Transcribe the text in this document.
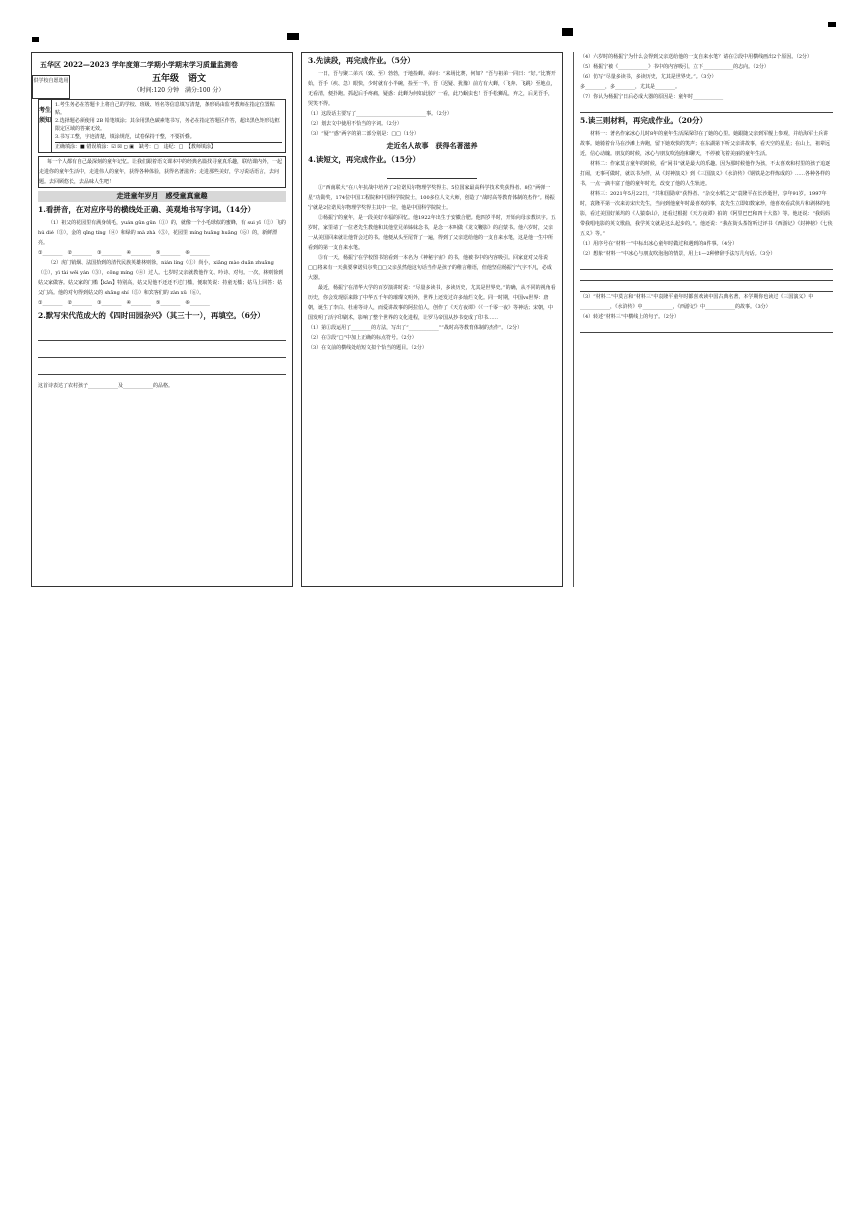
五华区 2022—2023 学年度第二学期小学期末学习质量监测卷
供学校自愿选用	五年级　语文
（时间:120 分钟　满分:100 分）
考生须知
1.考生务必在答题卡上将自己的学校、班级、姓名等信息填写清楚，条形码由监考教师在指定位置粘贴。
2.选择题必须使用 2B 铅笔填涂；其余用黑色碳素笔书写，务必在指定答题区作答，超出黑色矩形边框限定区域的答案无效。
3.书写工整，字迹清楚，填涂规范，试卷保持干整，不要折叠。
正确填涂：■ 错误填涂：☑ ☒ ◻ ▣　缺考：□　违纪：□　【教师填涂】
每一个人都有自己最深刻的童年记忆。让我们跟着语文课本中的经典名篇找寻童真乐趣，联结课内外，一起走进你的童年生活中，走进伟人的童年，获得各种体验，获得名著滋养；走进那些美好，学习说话语言，去问题。去回顾悠长，去品味人生吧！
走进童年岁月　感受童真童趣
1.看拼音，在对应序号的横线处正确、美观地书写字词。（14分）
（1）祖父的花园里有满身绒毛，yuán gǔn gǔn（①）的，就像一个小毛球似的蜜蜂，有 sui yī（②）飞的 hú dié（③），金的 qīng tíng（④）和绿的 mà zhà（⑤），花园里 míng huāng huāng（⑥）的，新鲜漂亮。
①________　②________　③________　④________　⑤________　⑥________
（2）虎门销烟、法国拾到的清代民族英雄林则徐，nián líng（①）尚小，xiāng mào duān zhuāng（②），yì tài wēi yán（③），cōng míng（④）过人。七岁时父亲就教他作文、吟诗、对句。一次，林则徐到姑父家做客。姑父家的门槛【kǎn】特别高，姑父见他不还还不过门槛，便取笑说：持童无槛；姑马上回答：姑父门高。他的对句得到姑父的 shǎng shí（⑤）和宾客们的 zàn xǔ（⑥）。
①________　②________　③________　④________　⑤________　⑥________
2.默写宋代范成大的《四时田园杂兴》（其三十一），再填空。（6分）
这首诗表达了农村孩子____________及____________的品格。
3.先读段，再完成作业。（5分）
一日，吾与聚二弟兴（致、至）勃勃，于地捡蝉。弟问：“来场比赛，何如？”吾与祖弟一同曰：“好。”比赛开始，吾手（疾、急）眼快，少时就有小半碗，捡至一半，吾（迟疑、犹豫）前方有大蝉，（飞奔、飞跳）至地点，无看清，便扑跑。抓起后手疼痛，疑惑：此蝉为何如此胶？一看，此乃蜗虫也！吾手松狮乱，弃之，后见吾手，哭笑不得。
（1）这段话主要写了____________________________事。（2分）
（2）划去文中使用不恰当的字词。（2分）
（3）“疑”“惑”两字的第二部分别是：□□（1分）
走近名人故事　获得名著滋养
4.读短文，再完成作业。（15分）
①“西南联大”在八年抗战中培养了2位诺贝尔物理学奖得主、5位国家最高科学技术奖获得者、8位“两弹一星”功勋奖，174位中国工程院和中国科学院院士，100多位人文大师，创造了“战时高等教育体制的杰作”。杨振宁就是2位诺贝尔物理学奖得主其中一位，他是中国科学院院士。
②杨振宁的童年，是一段美好幸福的回忆。他1922年出生于安徽合肥。他四岁半时，开始向母亲教识字。五岁时，家里请了一位老先生教他和其他堂兄弟姊妹念书，是念一本叫做《龙文鞭影》的启蒙书。他六岁时，父亲一从美国回来就让他背会过的书。他便从头至尾背了一遍，得到了父亲送给他的一支自来水笔，这是他一生中所看到的第一支自来水笔。
③有一天，杨振宁在学校图书馆看到一本名为《神秘宇宙》的书，他被书中的内容吸引。回家竟对父母说□□将来有一天我要拿诺贝尔奖□□父亲虽然他这句话当作是孩子的稚言稚语，但他坚信杨振宁气字不凡，必成大器。
最近，杨振宁在清华大学的百岁演讲时说：“尽量多读书，多读历史，尤其是世界史。”的确，从不同的视角看历史，你会发现原来除了中华五千年的璀璨文明外，世界上还发过许多灿烂文化。同一时期，中国vs世界：唐朝，诞生了李白、杜甫等诗人，而爱讲故事的阿拉伯人，创作了《天方夜谭》（《一千零一夜》等神话；宋朝，中国发明了活字印刷术，影响了整个世界的文化进程，让罗马帝国从抄书变成了印书……
（1）第①段运用了________的方法，写出了“____________”“战时高等教育体制的杰作”。（2分）
（2）在③段“□”中加上正确的标点符号。（2分）
（3）在文前的横线处给短文拟个恰当的题目。（2分）
（4）六岁时的杨振宁为什么会得到父亲送给他的一支自来水笔？请在②段中用横线画出2个原因。（2分）
（5）杨振宁被《____________》书中的内容吸引，立下____________的志向。（2分）
（6）仿写“尽量多读书，多读历史，尤其是世界史。”。（3分）
多________，多________，尤其是________。
（7）你认为杨振宁日后必成大器的原因是：童年时____________
5.读三则材料，再完成作业。（20分）
材料一：著名作家冰心儿时8年的童年生活深深印在了她的心里。她跟随父亲到军舰上参观，并给海军士兵讲故事。她骑着台马在沙滩上奔跑，留下她欢快的笑声；在东湖第下听父亲讲故事，看天空的星星；在山上，祖辈远近，信心动魄。朋友的时候，冰心与朋友吹泡泡和聊天，不停被飞着美丽的童年生活。
材料二：作家莫言童年的时候，看“闲书”就是最大的乐趣。因为那时候他作为孩，不太喜欢和村里的孩子追逐打闹，无事可做时，就以书为伴，从《封神演义》到《三国演义》《水浒传》《钢铁是怎样炼成的》……各种各样的书，一点一滴丰富了他的童年时光，改变了他的人生轨迹。
材料三：2021年5月22日，“共和国勋章”获得者、“杂交水稻之父”袁隆平在长沙逝世，享年91岁。1997年时，袁隆平第一次来访宋庆先生，当问到他童年时最喜欢的事，袁先生立即如数家珍，他喜欢看武侠片和剥林的电影，看过美国好莱坞的《人猿泰山》，还看过根据《天方夜谭》拍的《阿里巴巴和四十大盗》等。他还说：“我妈妈带我唱电影的英文歌曲，我学英文就是这么起步的。”。他还说：“我在街头茶馆听过评书《西游记》《封神榜》《七侠五义》等。”
（1）用序号在“材料一”中标出冰心童年时做过和遇到的8件事。（4分）
（2）想象“材料一”中冰心与朋友吹泡泡的情景，用上1—2种修辞手法写几句话。（3分）
（3）“材料二”中莫言和“材料三”中袁隆平童年时都喜欢读中国古典名著，本学期你也读过《三国演义》中____________，《水浒传》中____________，《西游记》中____________的故事。（3分）
（4）转述“材料三”中横线上的句子。（2分）
